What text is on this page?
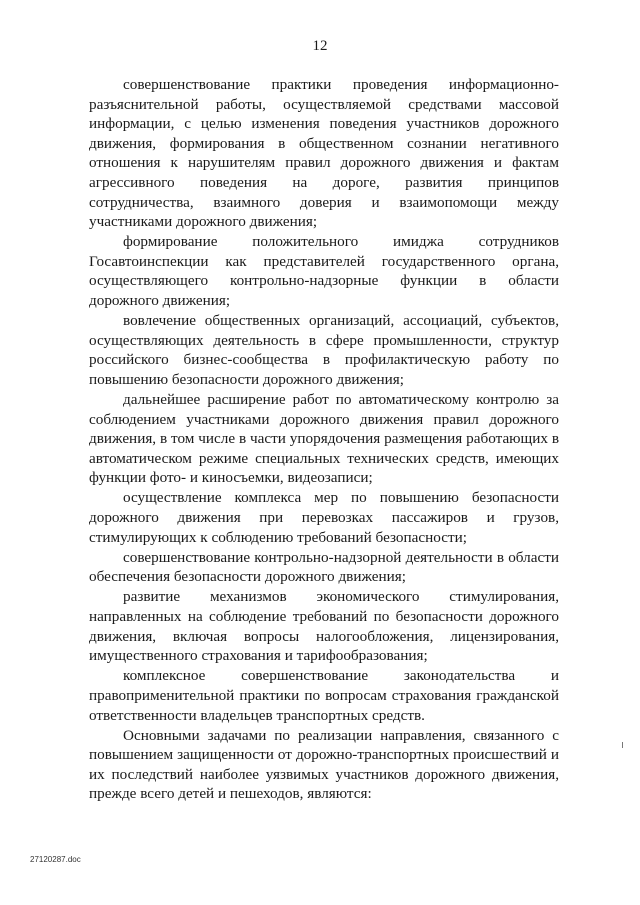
12

совершенствование практики проведения информационно-разъяснительной работы, осуществляемой средствами массовой информации, с целью изменения поведения участников дорожного движения, формирования в общественном сознании негативного отношения к нарушителям правил дорожного движения и фактам агрессивного поведения на дороге, развития принципов сотрудничества, взаимного доверия и взаимопомощи между участниками дорожного движения;

формирование положительного имиджа сотрудников Госавтоинспекции как представителей государственного органа, осуществляющего контрольно-надзорные функции в области дорожного движения;

вовлечение общественных организаций, ассоциаций, субъектов, осуществляющих деятельность в сфере промышленности, структур российского бизнес-сообщества в профилактическую работу по повышению безопасности дорожного движения;

дальнейшее расширение работ по автоматическому контролю за соблюдением участниками дорожного движения правил дорожного движения, в том числе в части упорядочения размещения работающих в автоматическом режиме специальных технических средств, имеющих функции фото- и киносъемки, видеозаписи;

осуществление комплекса мер по повышению безопасности дорожного движения при перевозках пассажиров и грузов, стимулирующих к соблюдению требований безопасности;

совершенствование контрольно-надзорной деятельности в области обеспечения безопасности дорожного движения;

развитие механизмов экономического стимулирования, направленных на соблюдение требований по безопасности дорожного движения, включая вопросы налогообложения, лицензирования, имущественного страхования и тарифообразования;

комплексное совершенствование законодательства и правоприменительной практики по вопросам страхования гражданской ответственности владельцев транспортных средств.

Основными задачами по реализации направления, связанного с повышением защищенности от дорожно-транспортных происшествий и их последствий наиболее уязвимых участников дорожного движения, прежде всего детей и пешеходов, являются:

27120287.doc
